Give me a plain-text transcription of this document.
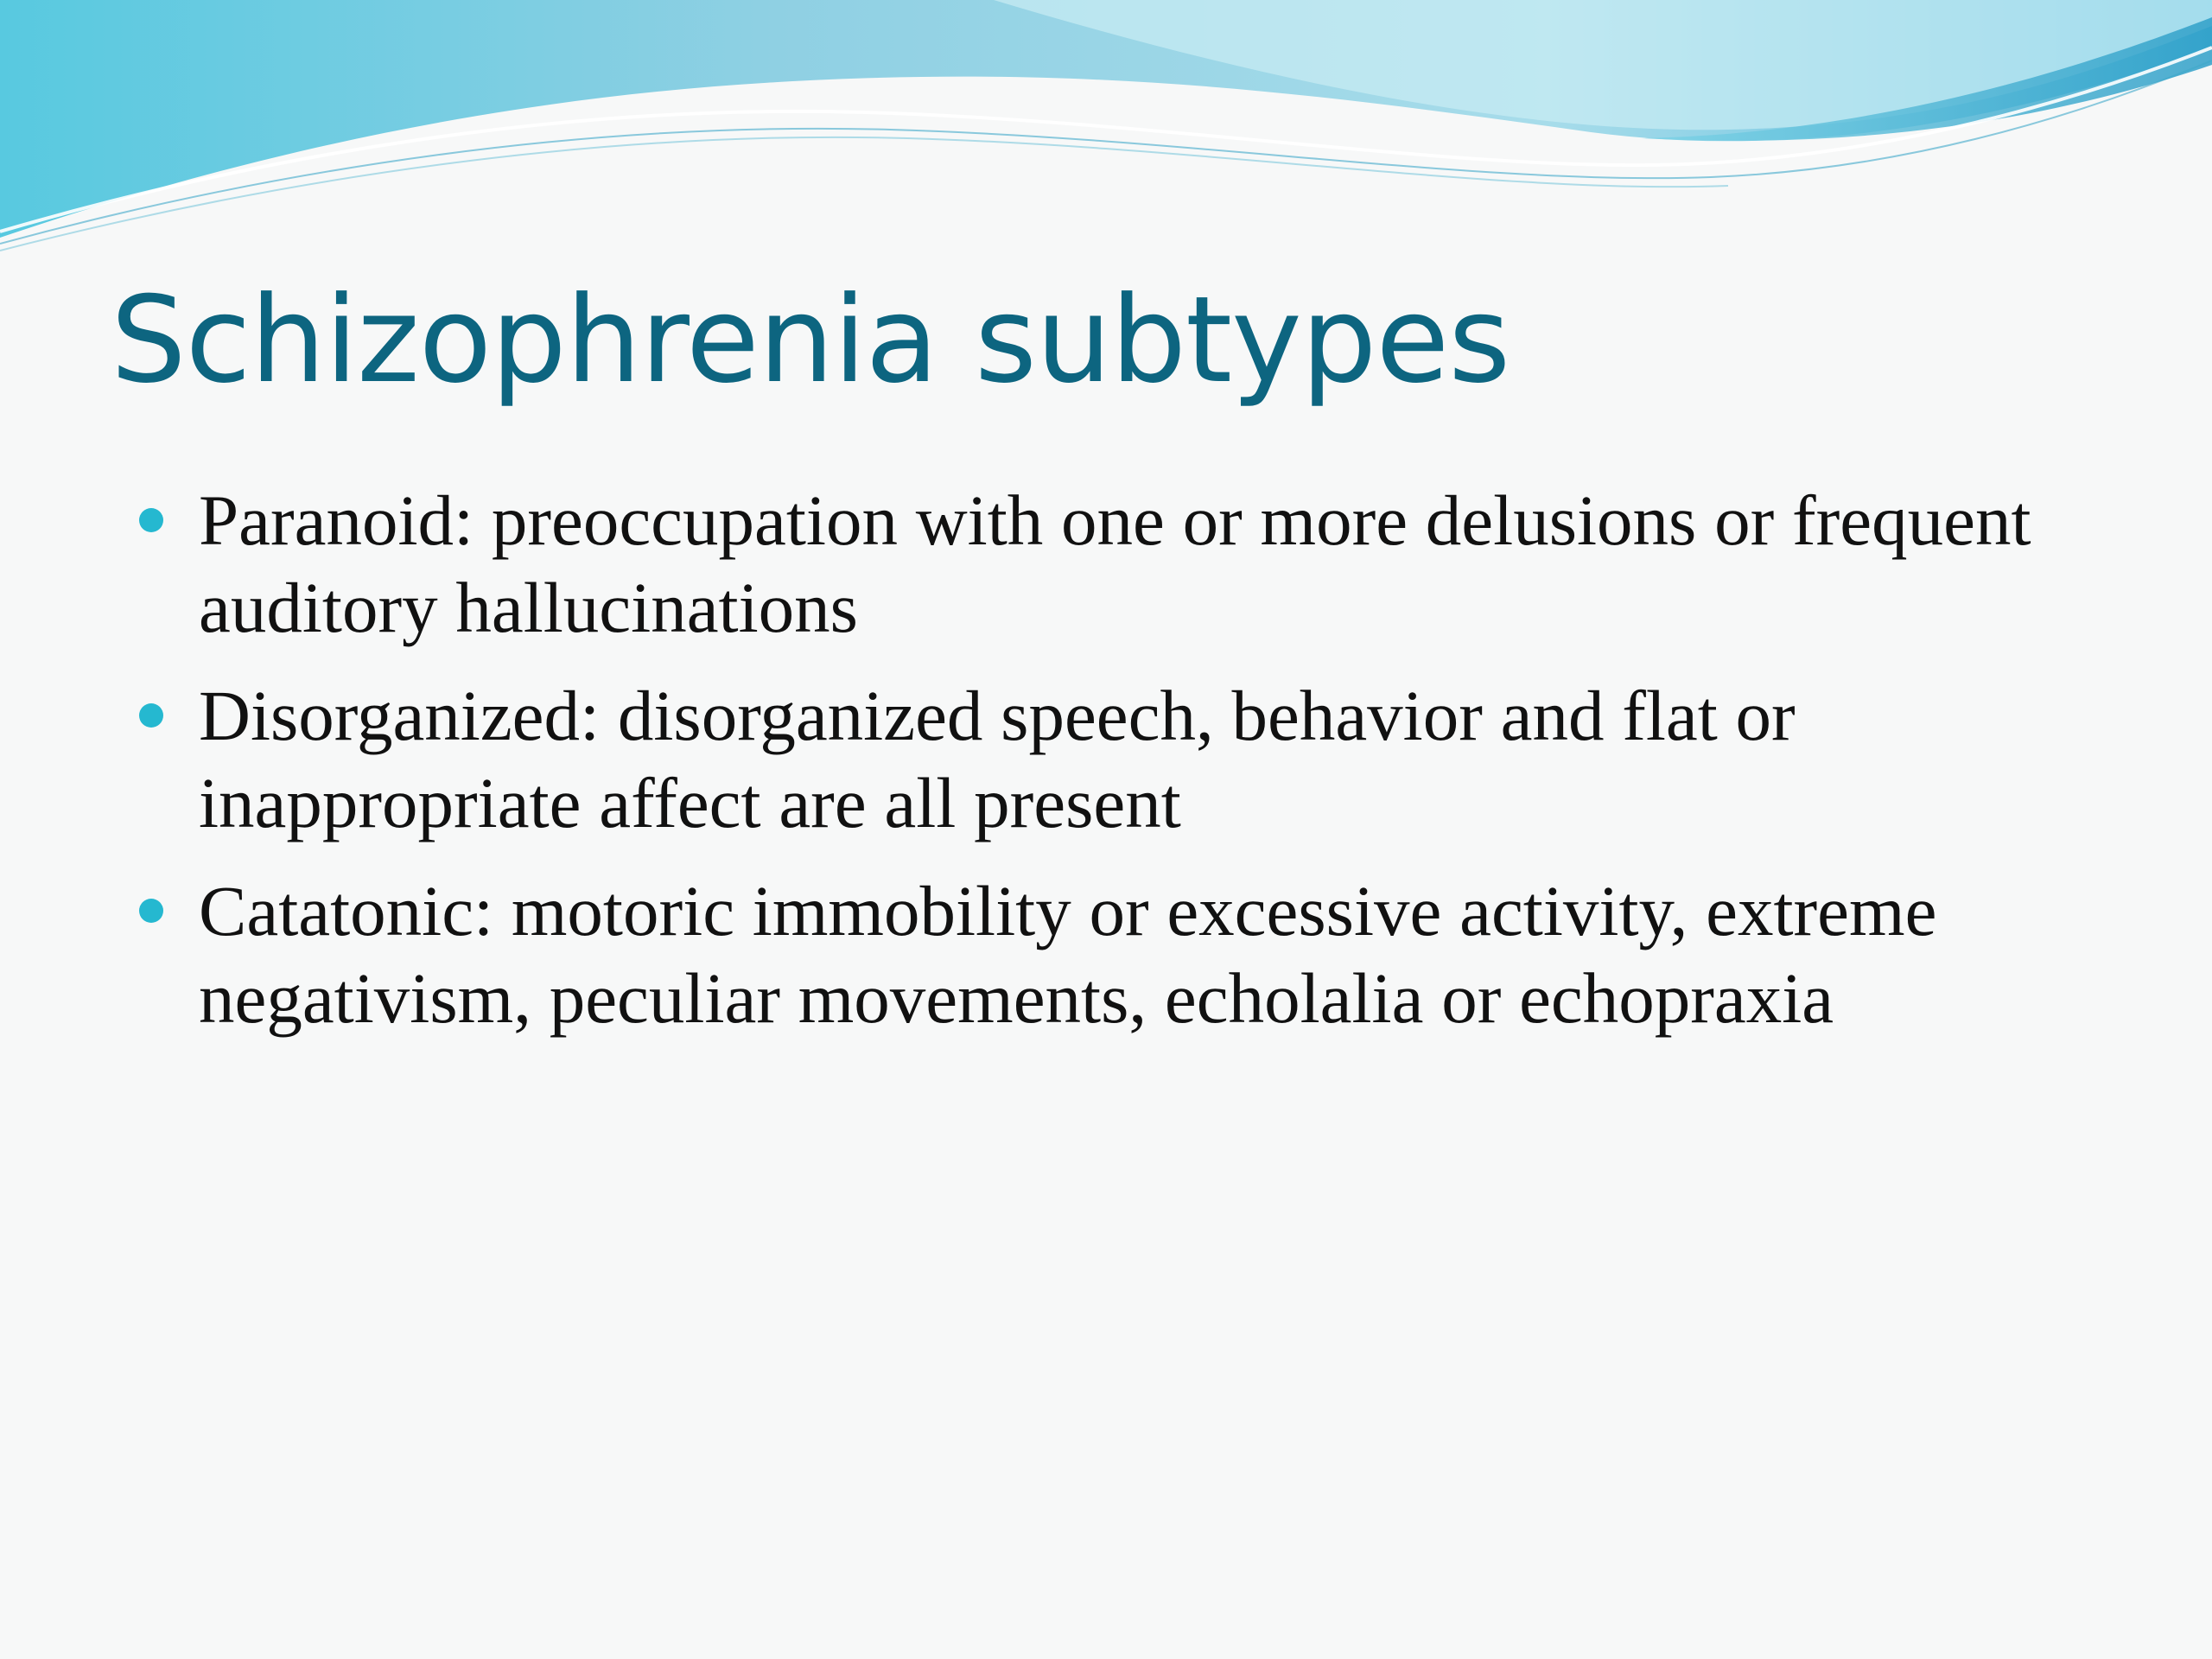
Schizophrenia subtypes
Paranoid: preoccupation with one or more delusions or frequent auditory hallucinations
Disorganized: disorganized speech, behavior and flat or inappropriate affect are all present
Catatonic: motoric immobility or excessive activity, extreme negativism, peculiar movements, echolalia or echopraxia
